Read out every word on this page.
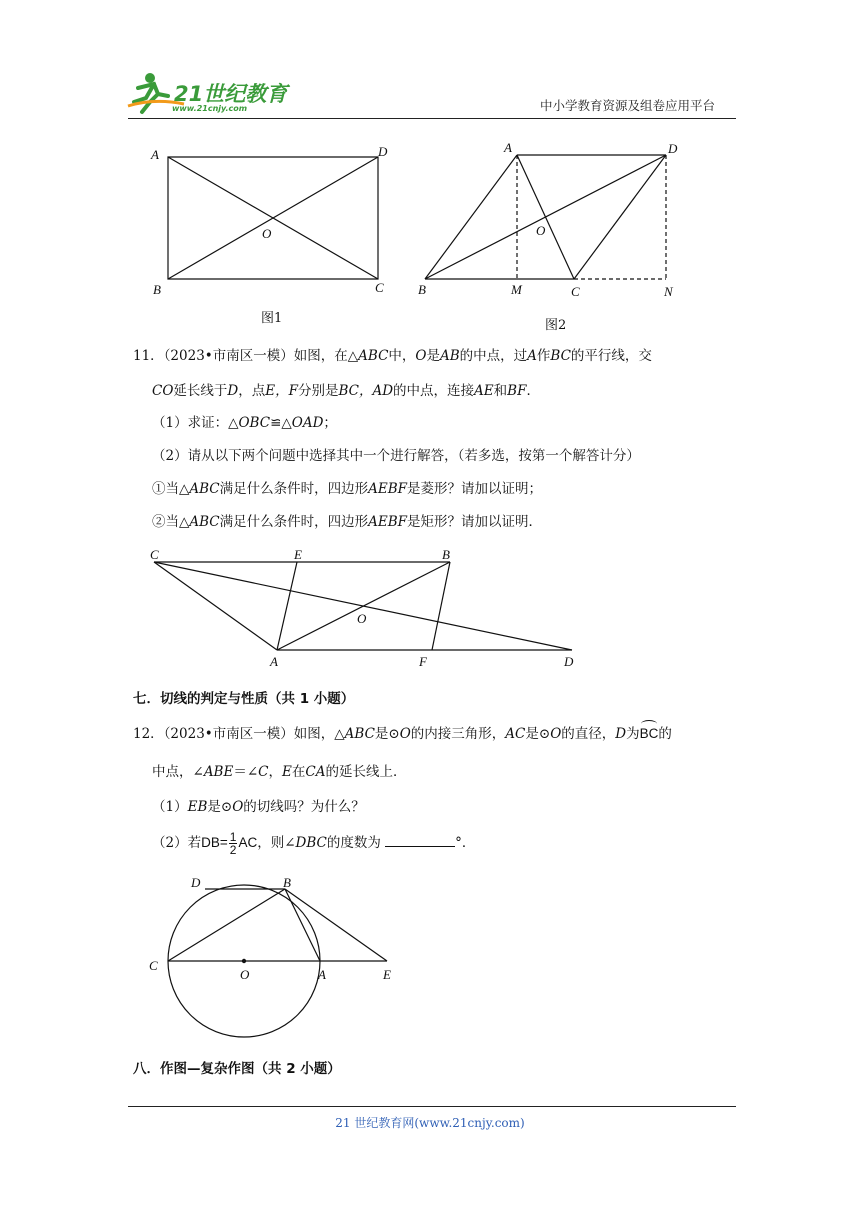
21世纪教育
www.21cnjy.com	中小学教育资源及组卷应用平台
A	D
O
B	C
A	D
O
B	M	C	N
图1	图2
11．（2023•市南区一模）如图，在△ABC中，O是AB的中点，过A作BC的平行线，交
CO延长线于D，点E，F分别是BC，AD的中点，连接AE和BF．
（1）求证：△OBC≌△OAD；
（2）请从以下两个问题中选择其中一个进行解答，（若多选，按第一个解答计分）
①当△ABC满足什么条件时，四边形AEBF是菱形？请加以证明；
②当△ABC满足什么条件时，四边形AEBF是矩形？请加以证明．
C	E	B
O
A	F	D
七．切线的判定与性质（共 1 小题）
12．（2023•市南区一模）如图，△ABC是⊙O的内接三角形，AC是⊙O的直径，D为BC的
中点，∠ABE＝∠C，E在CA的延长线上．
（1）EB是⊙O的切线吗？为什么？
（2）若$DB= \frac{1}{2}$ AC，则∠DBC的度数为	°．
D	B
C
O	A	E
八．作图—复杂作图（共 2 小题）
21 世纪教育网(www.21cnjy.com)
